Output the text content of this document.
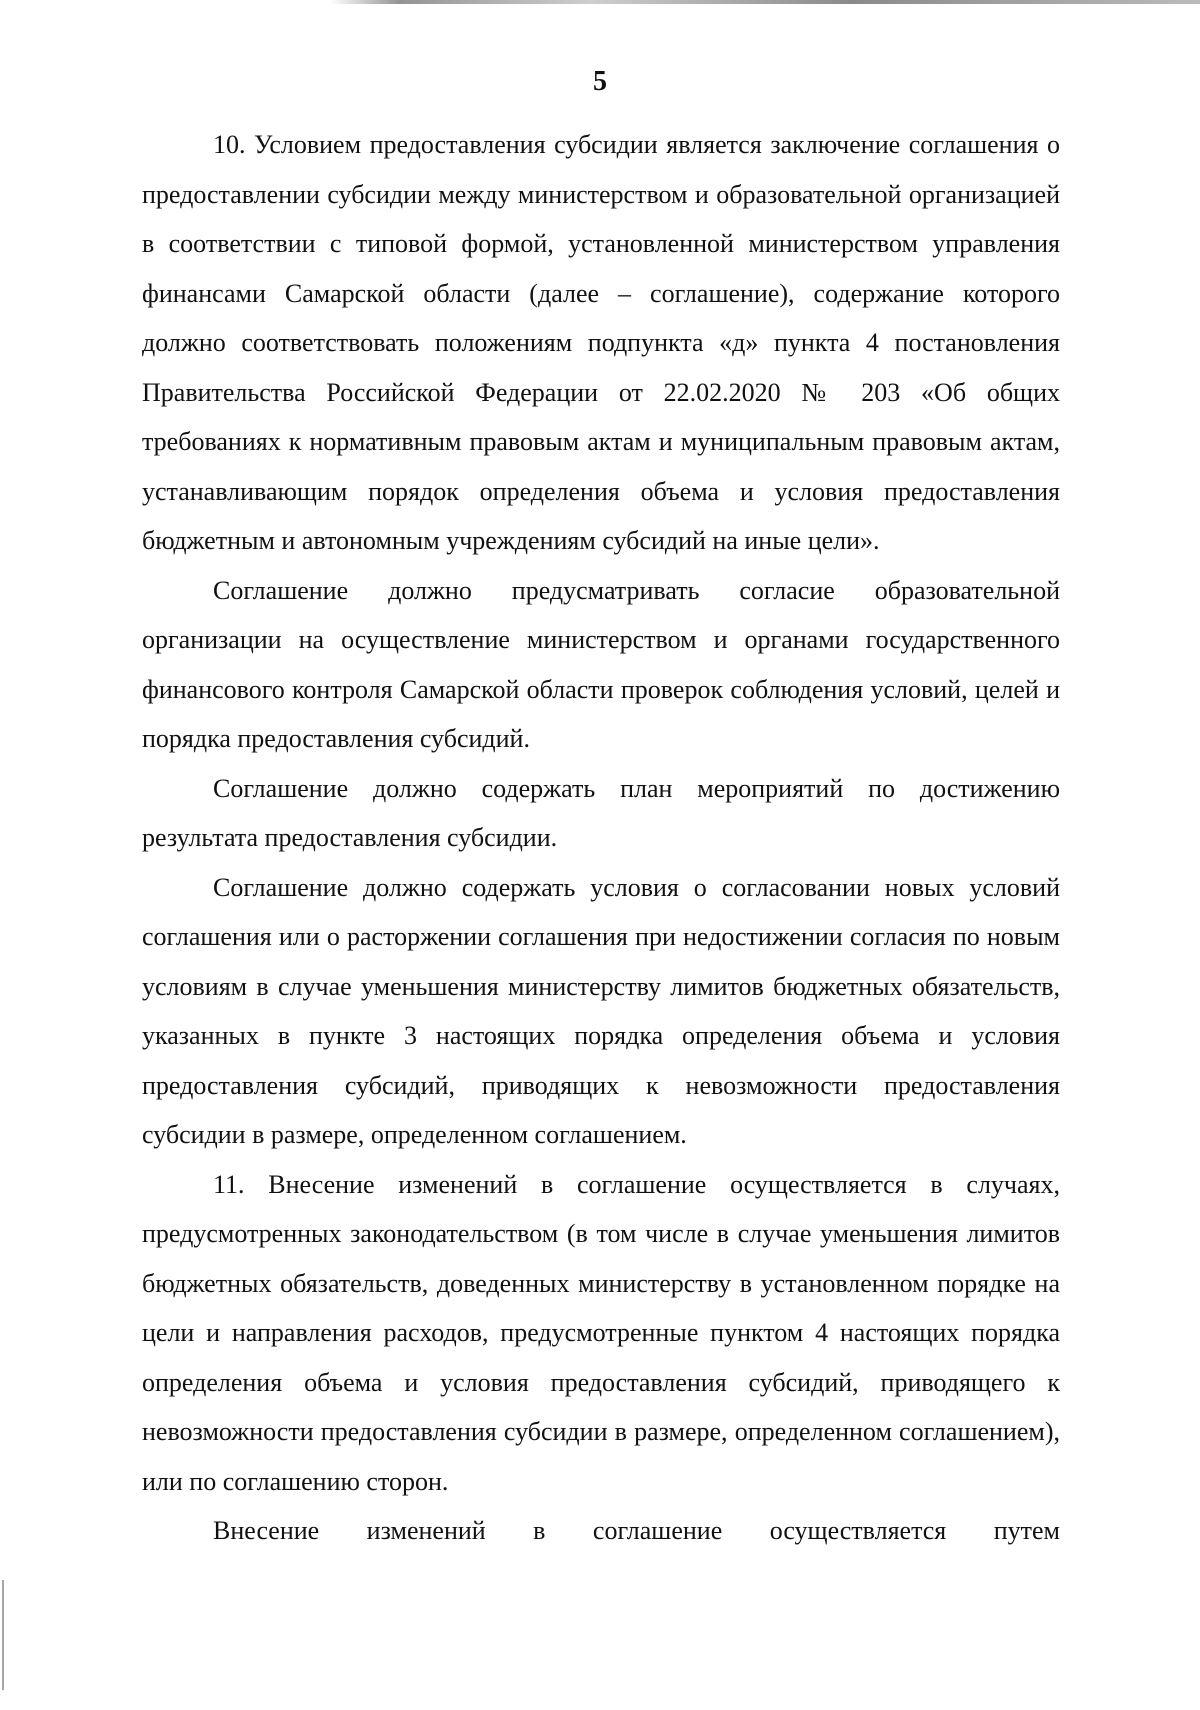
5

10. Условием предоставления субсидии является заключение соглашения о предоставлении субсидии между министерством и образовательной организацией в соответствии с типовой формой, установленной министерством управления финансами Самарской области (далее – соглашение), содержание которого должно соответствовать положениям подпункта «д» пункта 4 постановления Правительства Российской Федерации от 22.02.2020 № 203 «Об общих требованиях к нормативным правовым актам и муниципальным правовым актам, устанавливающим порядок определения объема и условия предоставления бюджетным и автономным учреждениям субсидий на иные цели».

Соглашение должно предусматривать согласие образовательной организации на осуществление министерством и органами государственного финансового контроля Самарской области проверок соблюдения условий, целей и порядка предоставления субсидий.

Соглашение должно содержать план мероприятий по достижению результата предоставления субсидии.

Соглашение должно содержать условия о согласовании новых условий соглашения или о расторжении соглашения при недостижении согласия по новым условиям в случае уменьшения министерству лимитов бюджетных обязательств, указанных в пункте 3 настоящих порядка определения объема и условия предоставления субсидий, приводящих к невозможности предоставления субсидии в размере, определенном соглашением.

11. Внесение изменений в соглашение осуществляется в случаях, предусмотренных законодательством (в том числе в случае уменьшения лимитов бюджетных обязательств, доведенных министерству в установленном порядке на цели и направления расходов, предусмотренные пунктом 4 настоящих порядка определения объема и условия предоставления субсидий, приводящего к невозможности предоставления субсидии в размере, определенном соглашением), или по соглашению сторон.

Внесение изменений в соглашение осуществляется путем
